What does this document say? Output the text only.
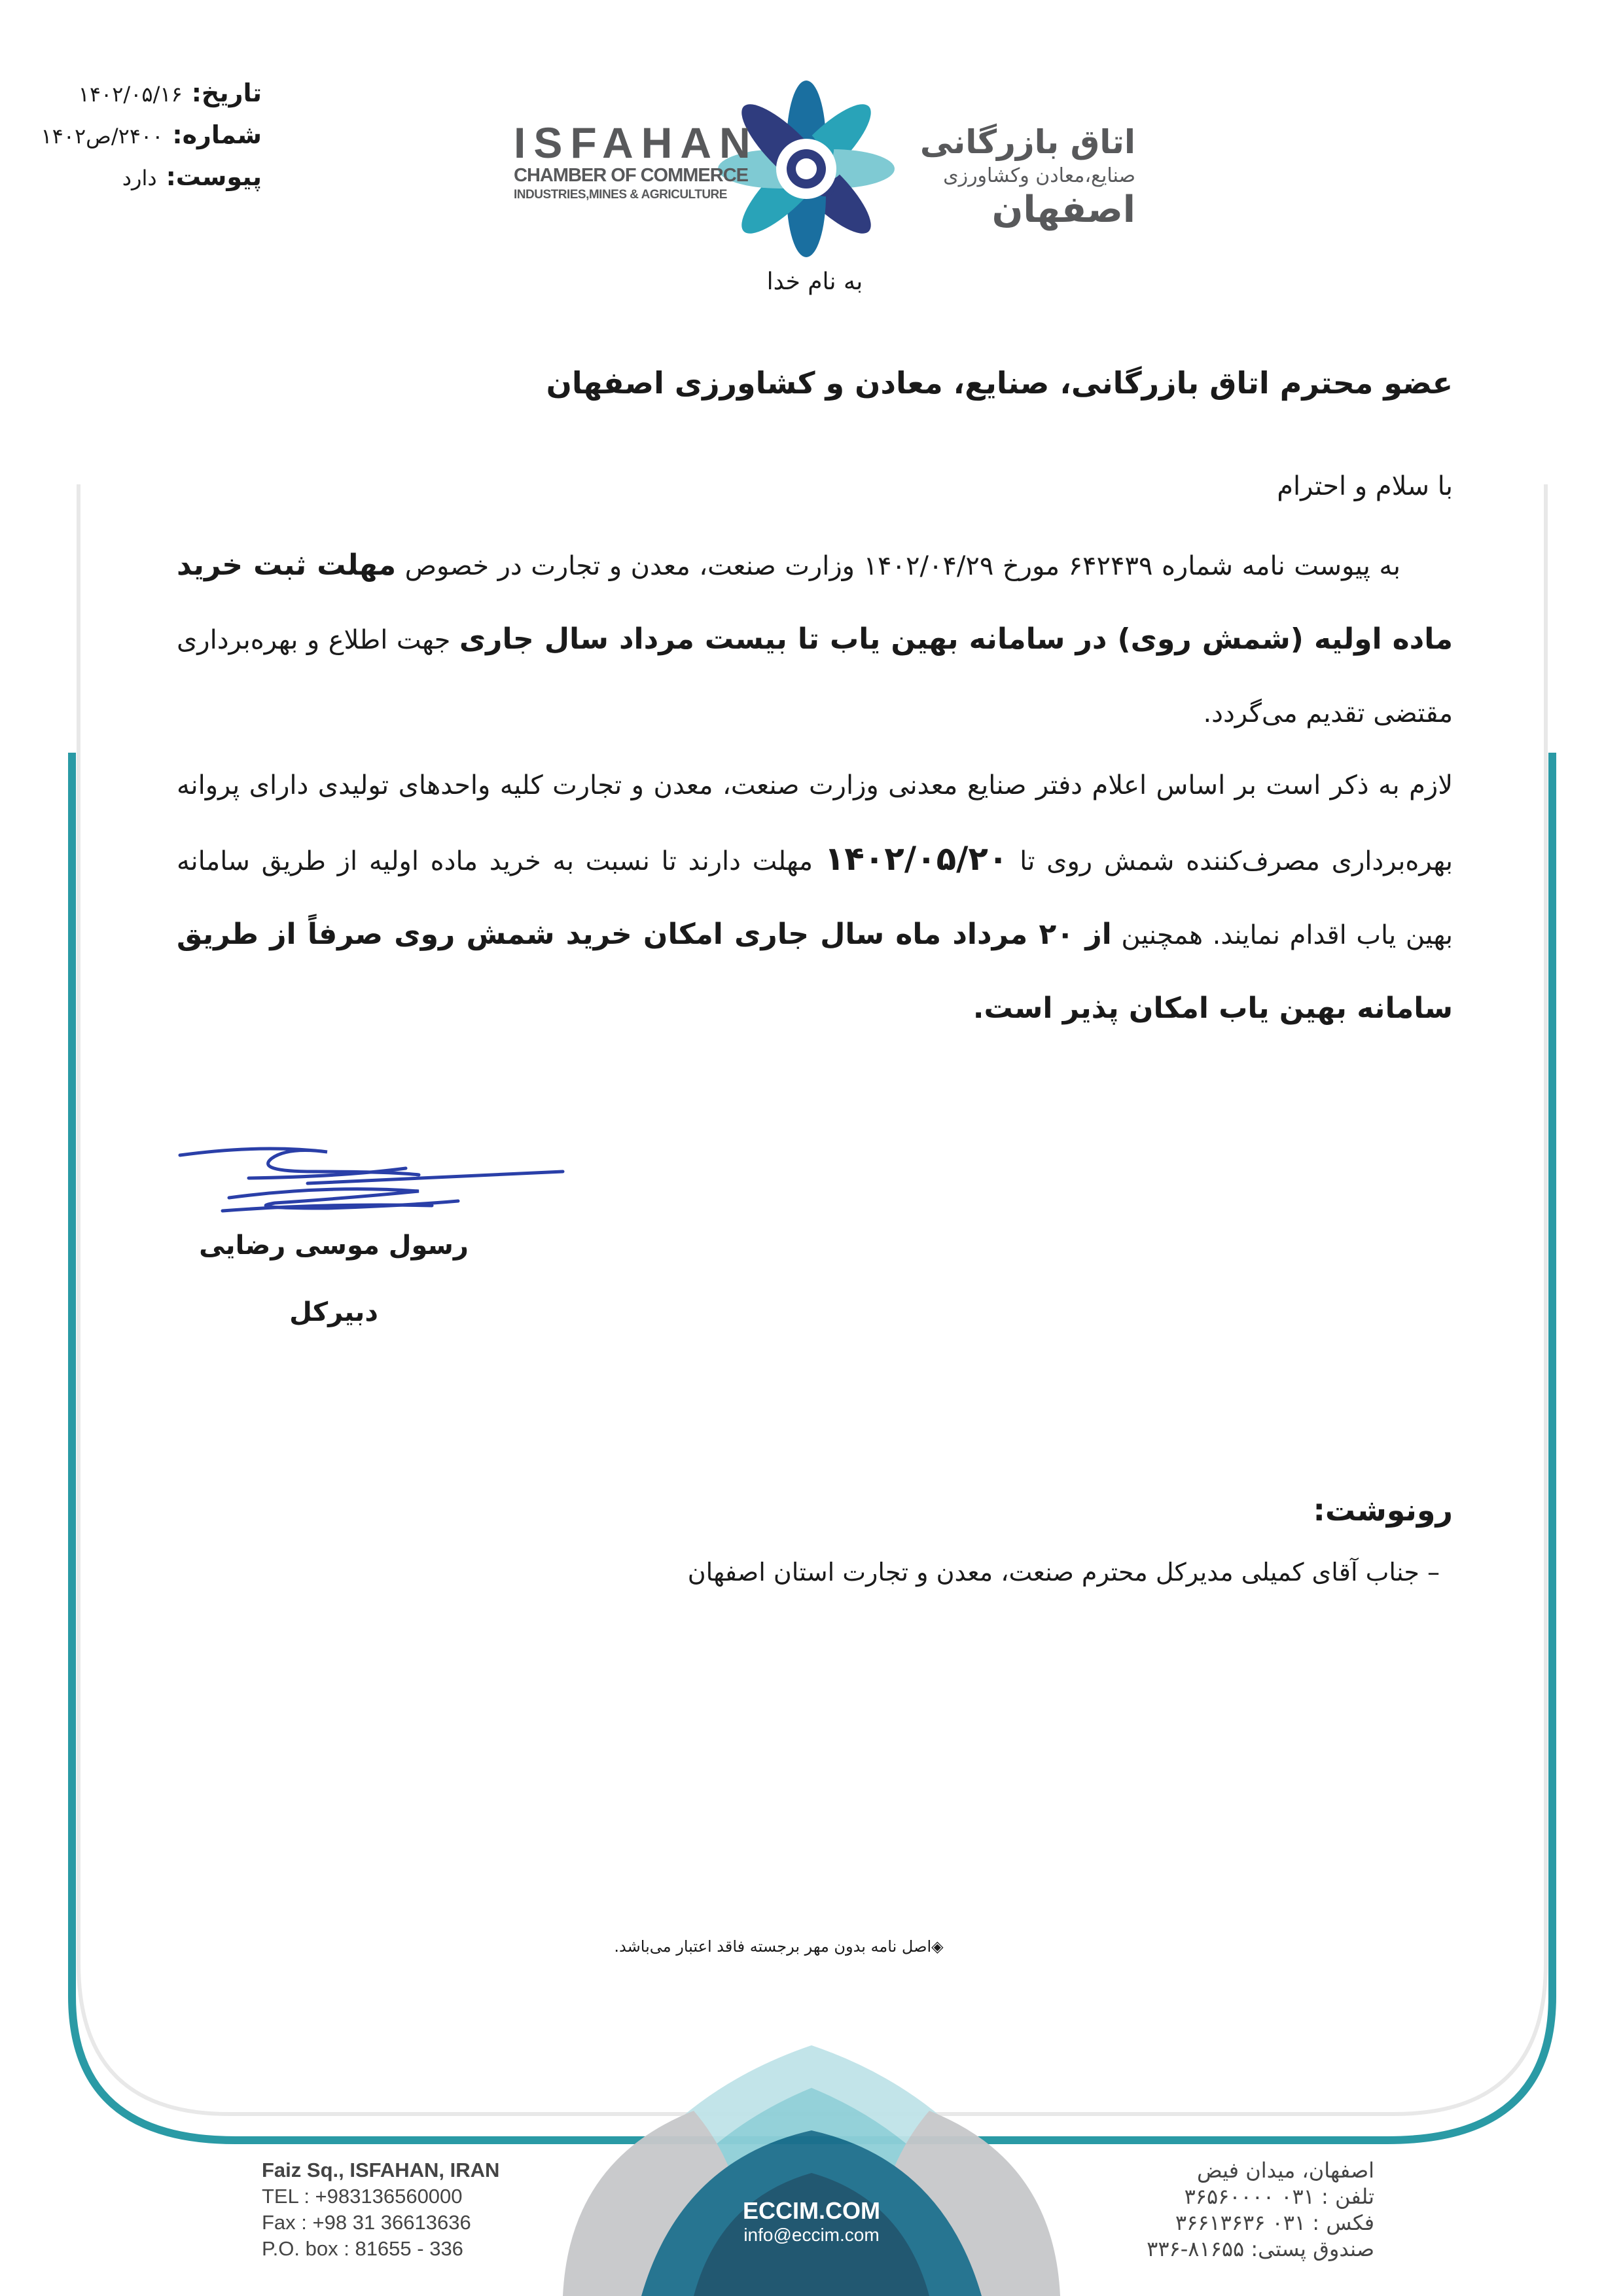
تاریخ:
۱۴۰۲/۰۵/۱۶
شماره:
۲۴۰۰/ص۱۴۰۲
پیوست:
دارد
ISFAHAN
CHAMBER OF COMMERCE
INDUSTRIES,MINES & AGRICULTURE
اتاق بازرگانی
صنایع،معادن وکشاورزی
اصفهان
به نام خدا
عضو محترم اتاق بازرگانی، صنایع، معادن و کشاورزی اصفهان
با سلام و احترام
به پیوست نامه شماره ۶۴۲۴۳۹ مورخ ۱۴۰۲/۰۴/۲۹ وزارت صنعت، معدن و تجارت در خصوص مهلت ثبت خرید ماده اولیه (شمش روی) در سامانه بهین یاب تا بیست مرداد سال جاری جهت اطلاع و بهره‌برداری مقتضی تقدیم می‌گردد.
لازم به ذکر است بر اساس اعلام دفتر صنایع معدنی وزارت صنعت، معدن و تجارت کلیه واحدهای تولیدی دارای پروانه بهره‌برداری مصرف‌کننده شمش روی تا ۱۴۰۲/۰۵/۲۰ مهلت دارند تا نسبت به خرید ماده اولیه از طریق سامانه بهین یاب اقدام نمایند. همچنین از ۲۰ مرداد ماه سال جاری امکان خرید شمش روی صرفاً از طریق سامانه بهین یاب امکان پذیر است.
رسول موسی رضایی
دبیرکل
رونوشت:
– جناب آقای کمیلی مدیرکل محترم صنعت، معدن و تجارت استان اصفهان
◈اصل نامه بدون مهر برجسته فاقد اعتبار می‌باشد.
Faiz Sq., ISFAHAN, IRAN
TEL : +983136560000
Fax : +98 31 36613636
P.O. box : 81655 - 336
ECCIM.COM
info@eccim.com
اصفهان، میدان فیض
تلفن : ۰۳۱ ۳۶۵۶۰۰۰۰
فکس : ۰۳۱ ۳۶۶۱۳۶۳۶
صندوق پستی: ۸۱۶۵۵-۳۳۶
